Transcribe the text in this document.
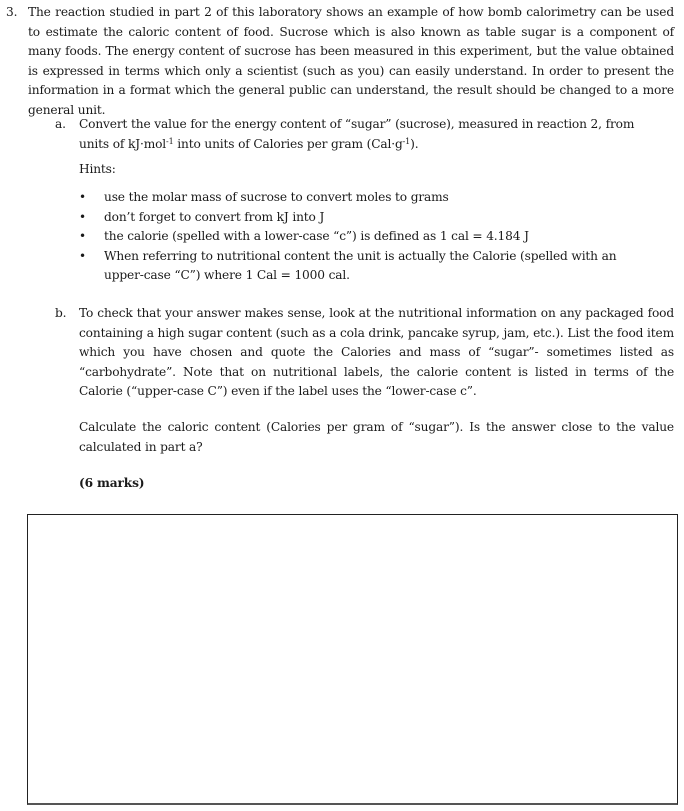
3. The reaction studied in part 2 of this laboratory shows an example of how bomb calorimetry can be used to estimate the caloric content of food. Sucrose which is also known as table sugar is a component of many foods. The energy content of sucrose has been measured in this experiment, but the value obtained is expressed in terms which only a scientist (such as you) can easily understand. In order to present the information in a format which the general public can understand, the result should be changed to a more general unit.
a. Convert the value for the energy content of “sugar” (sucrose), measured in reaction 2, from units of kJ·mol$^{-1}$ into units of Calories per gram $(Cal\cdot g^{-1})$.
Hints:
• use the molar mass of sucrose to convert moles to grams
• don’t forget to convert from kJ into J
• the calorie (spelled with a lower-case “c”) is defined as 1 cal = 4.184 J
• When referring to nutritional content the unit is actually the Calorie (spelled with an upper-case “C”) where 1 Cal = 1000 cal.
b. To check that your answer makes sense, look at the nutritional information on any packaged food containing a high sugar content (such as a cola drink, pancake syrup, jam, etc.). List the food item which you have chosen and quote the Calories and mass of “sugar”- sometimes listed as “carbohydrate”. Note that on nutritional labels, the calorie content is listed in terms of the Calorie (“upper-case C”) even if the label uses the “lower-case c”.
Calculate the caloric content (Calories per gram of “sugar”). Is the answer close to the value calculated in part a?
(6 marks)
